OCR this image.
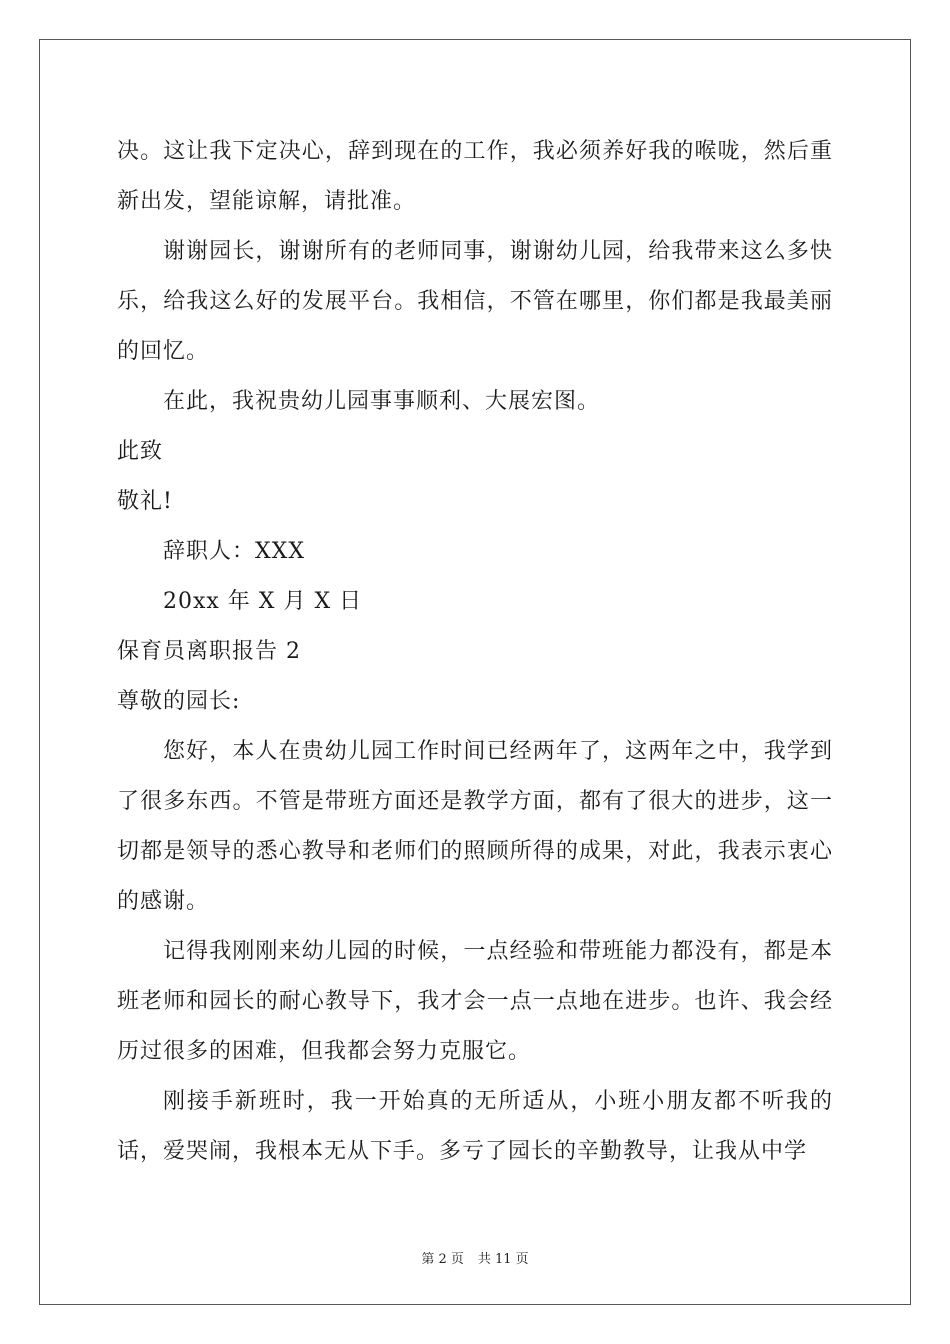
决。这让我下定决心，辞到现在的工作，我必须养好我的喉咙，然后重新出发，望能谅解，请批准。

谢谢园长，谢谢所有的老师同事，谢谢幼儿园，给我带来这么多快乐，给我这么好的发展平台。我相信，不管在哪里，你们都是我最美丽的回忆。

在此，我祝贵幼儿园事事顺利、大展宏图。

此致

敬礼!

辞职人：XXX

20xx 年 X 月 X 日

保育员离职报告 2

尊敬的园长:

您好，本人在贵幼儿园工作时间已经两年了，这两年之中，我学到了很多东西。不管是带班方面还是教学方面，都有了很大的进步，这一切都是领导的悉心教导和老师们的照顾所得的成果，对此，我表示衷心的感谢。

记得我刚刚来幼儿园的时候，一点经验和带班能力都没有，都是本班老师和园长的耐心教导下，我才会一点一点地在进步。也许、我会经历过很多的困难，但我都会努力克服它。

刚接手新班时，我一开始真的无所适从，小班小朋友都不听我的话，爱哭闹，我根本无从下手。多亏了园长的辛勤教导，让我从中学

第 2 页 共 11 页
